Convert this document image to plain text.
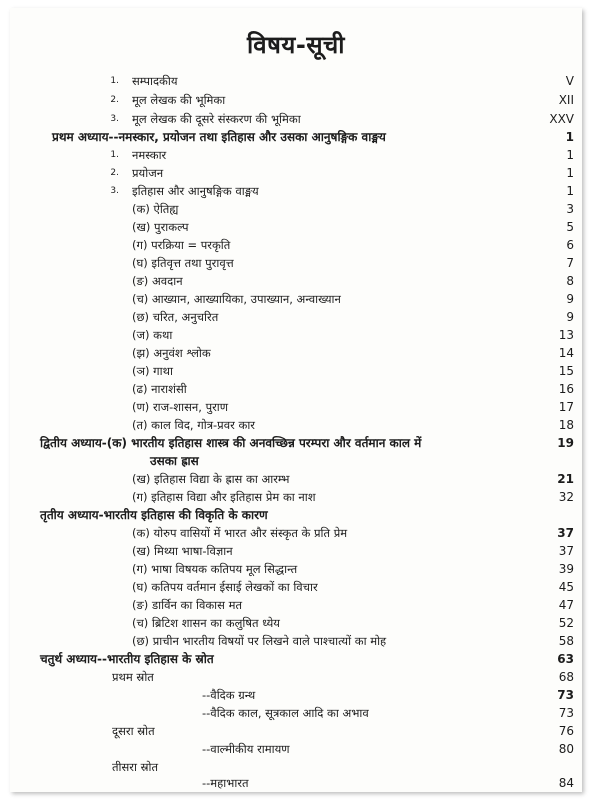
विषय-सूची
1. सम्पादकीय	V
2. मूल लेखक की भूमिका	XII
3. मूल लेखक की दूसरे संस्करण की भूमिका	XXV
प्रथम अध्याय--नमस्कार, प्रयोजन तथा इतिहास और उसका आनुषङ्गिक वाङ्मय	1
1. नमस्कार	1
2. प्रयोजन	1
3. इतिहास और आनुषङ्गिक वाङ्मय	1
(क) ऐतिह्य	3
(ख) पुराकल्प	5
(ग) परक्रिया = परकृति	6
(घ) इतिवृत्त तथा पुरावृत्त	7
(ङ) अवदान	8
(च) आख्यान, आख्यायिका, उपाख्यान, अन्वाख्यान	9
(छ) चरित, अनुचरित	9
(ज) कथा	13
(झ) अनुवंश श्लोक	14
(ञ) गाथा	15
(ढ) नाराशंसी	16
(ण) राज-शासन, पुराण	17
(त) काल विद, गोत्र-प्रवर कार	18
द्वितीय अध्याय-(क) भारतीय इतिहास शास्त्र की अनवच्छिन्न परम्परा और वर्तमान काल में	19
उसका ह्रास
(ख) इतिहास विद्या के ह्रास का आरम्भ	21
(ग) इतिहास विद्या और इतिहास प्रेम का नाश	32
तृतीय अध्याय-भारतीय इतिहास की विकृति के कारण
(क) योरुप वासियों में भारत और संस्कृत के प्रति प्रेम	37
(ख) मिथ्या भाषा-विज्ञान	37
(ग) भाषा विषयक कतिपय मूल सिद्धान्त	39
(घ) कतिपय वर्तमान ईसाई लेखकों का विचार	45
(ङ) डार्विन का विकास मत	47
(च) ब्रिटिश शासन का कलुषित ध्येय	52
(छ) प्राचीन भारतीय विषयों पर लिखने वाले पाश्चात्यों का मोह	58
चतुर्थ अध्याय--भारतीय इतिहास के स्रोत	63
प्रथम स्रोत	68
--वैदिक ग्रन्थ	73
--वैदिक काल, सूत्रकाल आदि का अभाव	73
दूसरा स्रोत	76
--वाल्मीकीय रामायण	80
तीसरा स्रोत
--महाभारत	84
